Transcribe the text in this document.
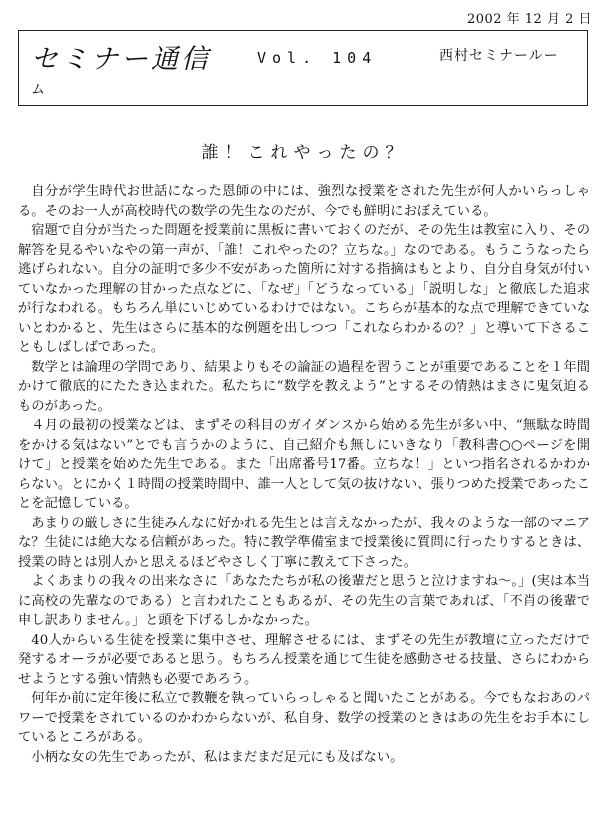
2002 年 12 月 2 日
セミナー通信	Vol. 104	西村セミナールー
ム
誰！これやったの？

自分が学生時代お世話になった恩師の中には、強烈な授業をされた先生が何人かいらっしゃる。そのお一人が高校時代の数学の先生なのだが、今でも鮮明におぼえている。

宿題で自分が当たった問題を授業前に黒板に書いておくのだが、その先生は教室に入り、その解答を見るやいなやの第一声が、「誰！これやったの？立ちな。」なのである。もうこうなったら逃げられない。自分の証明で多少不安があった箇所に対する指摘はもとより、自分自身気が付いていなかった理解の甘かった点などに、「なぜ」「どうなっている」「説明しな」と徹底した追求が行なわれる。もちろん単にいじめているわけではない。こちらが基本的な点で理解できていないとわかると、先生はさらに基本的な例題を出しつつ「これならわかるの？」と導いて下さることもしばしばであった。

数学とは論理の学問であり、結果よりもその論証の過程を習うことが重要であることを１年間かけて徹底的にたたき込まれた。私たちに“数学を教えよう”とするその情熱はまさに鬼気迫るものがあった。

４月の最初の授業などは、まずその科目のガイダンスから始める先生が多い中、“無駄な時間をかける気はない”とでも言うかのように、自己紹介も無しにいきなり「教科書○○ページを開けて」と授業を始めた先生である。また「出席番号17番。立ちな！」といつ指名されるかわからない。とにかく１時間の授業時間中、誰一人として気の抜けない、張りつめた授業であったことを記憶している。

あまりの厳しさに生徒みんなに好かれる先生とは言えなかったが、我々のような一部のマニアな？生徒には絶大なる信頼があった。特に教学準備室まで授業後に質問に行ったりするときは、授業の時とは別人かと思えるほどやさしく丁寧に教えて下さった。

よくあまりの我々の出来なさに「あなたたちが私の後輩だと思うと泣けますね～。」(実は本当に高校の先輩なのである）と言われたこともあるが、その先生の言葉であれば、「不肖の後輩で申し訳ありません。」と頭を下げるしかなかった。

40人からいる生徒を授業に集中させ、理解させるには、まずその先生が教壇に立っただけで発するオーラが必要であると思う。もちろん授業を通じて生徒を感動させる技量、さらにわからせようとする強い情熱も必要であろう。

何年か前に定年後に私立で教鞭を執っていらっしゃると聞いたことがある。今でもなおあのパワーで授業をされているのかわからないが、私自身、数学の授業のときはあの先生をお手本にしているところがある。

小柄な女の先生であったが、私はまだまだ足元にも及ばない。
